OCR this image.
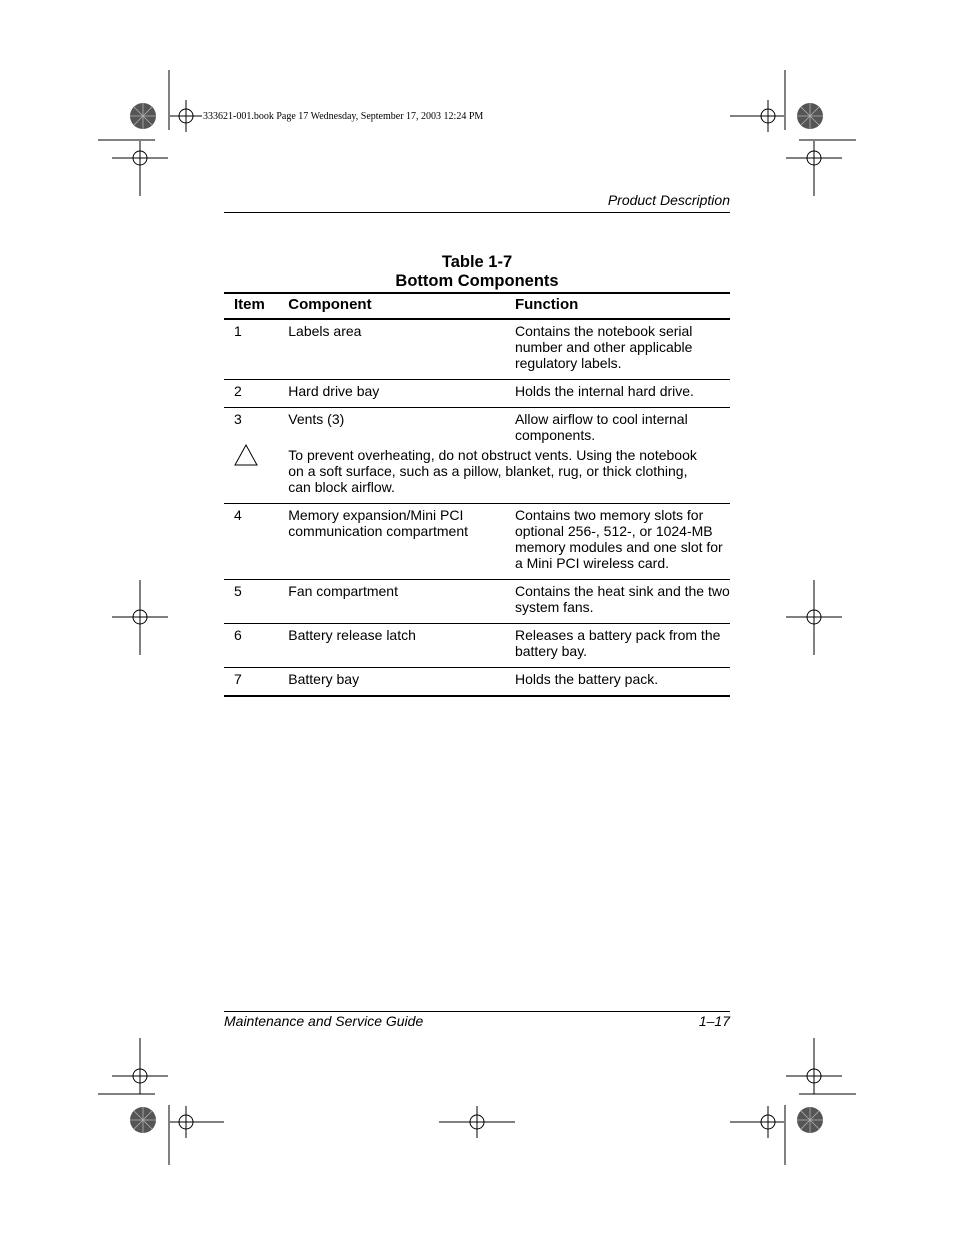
333621-001.book Page 17 Wednesday, September 17, 2003 12:24 PM
Product Description
Table 1-7
Bottom Components
Item	Component	Function
1	Labels area	Contains the notebook serial number and other applicable regulatory labels.
2	Hard drive bay	Holds the internal hard drive.
3	Vents (3)	Allow airflow to cool internal components.

	To prevent overheating, do not obstruct vents. Using the notebook on a soft surface, such as a pillow, blanket, rug, or thick clothing, can block airflow.	
4	Memory expansion/Mini PCI communication compartment	Contains two memory slots for optional 256-, 512-, or 1024-MB memory modules and one slot for a Mini PCI wireless card.
5	Fan compartment	Contains the heat sink and the two system fans.
6	Battery release latch	Releases a battery pack from the battery bay.
7	Battery bay	Holds the battery pack.
Maintenance and Service Guide	1–17
